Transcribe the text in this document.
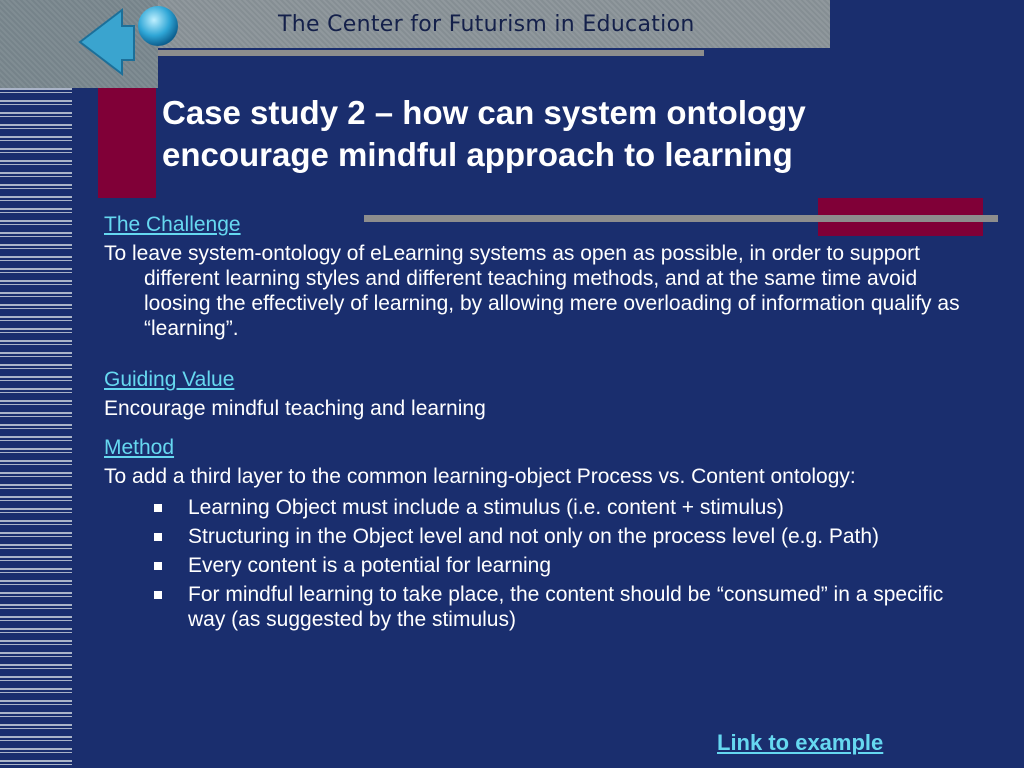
The Center for Futurism in Education
Case study 2 – how can system ontology
encourage mindful approach to learning
The Challenge
To leave system-ontology of eLearning systems as open as possible, in order to support different learning styles and different teaching methods, and at the same time avoid loosing the effectively of learning, by allowing mere overloading of information qualify as “learning”.
Guiding Value
Encourage mindful teaching and learning
Method
To add a third layer to the common learning-object Process vs. Content ontology:
Learning Object must include a stimulus (i.e. content + stimulus)
Structuring in the Object level and not only on the process level (e.g. Path)
Every content is a potential for learning
For mindful learning to take place, the content should be “consumed” in a specific way (as suggested by the stimulus)
Link to example
